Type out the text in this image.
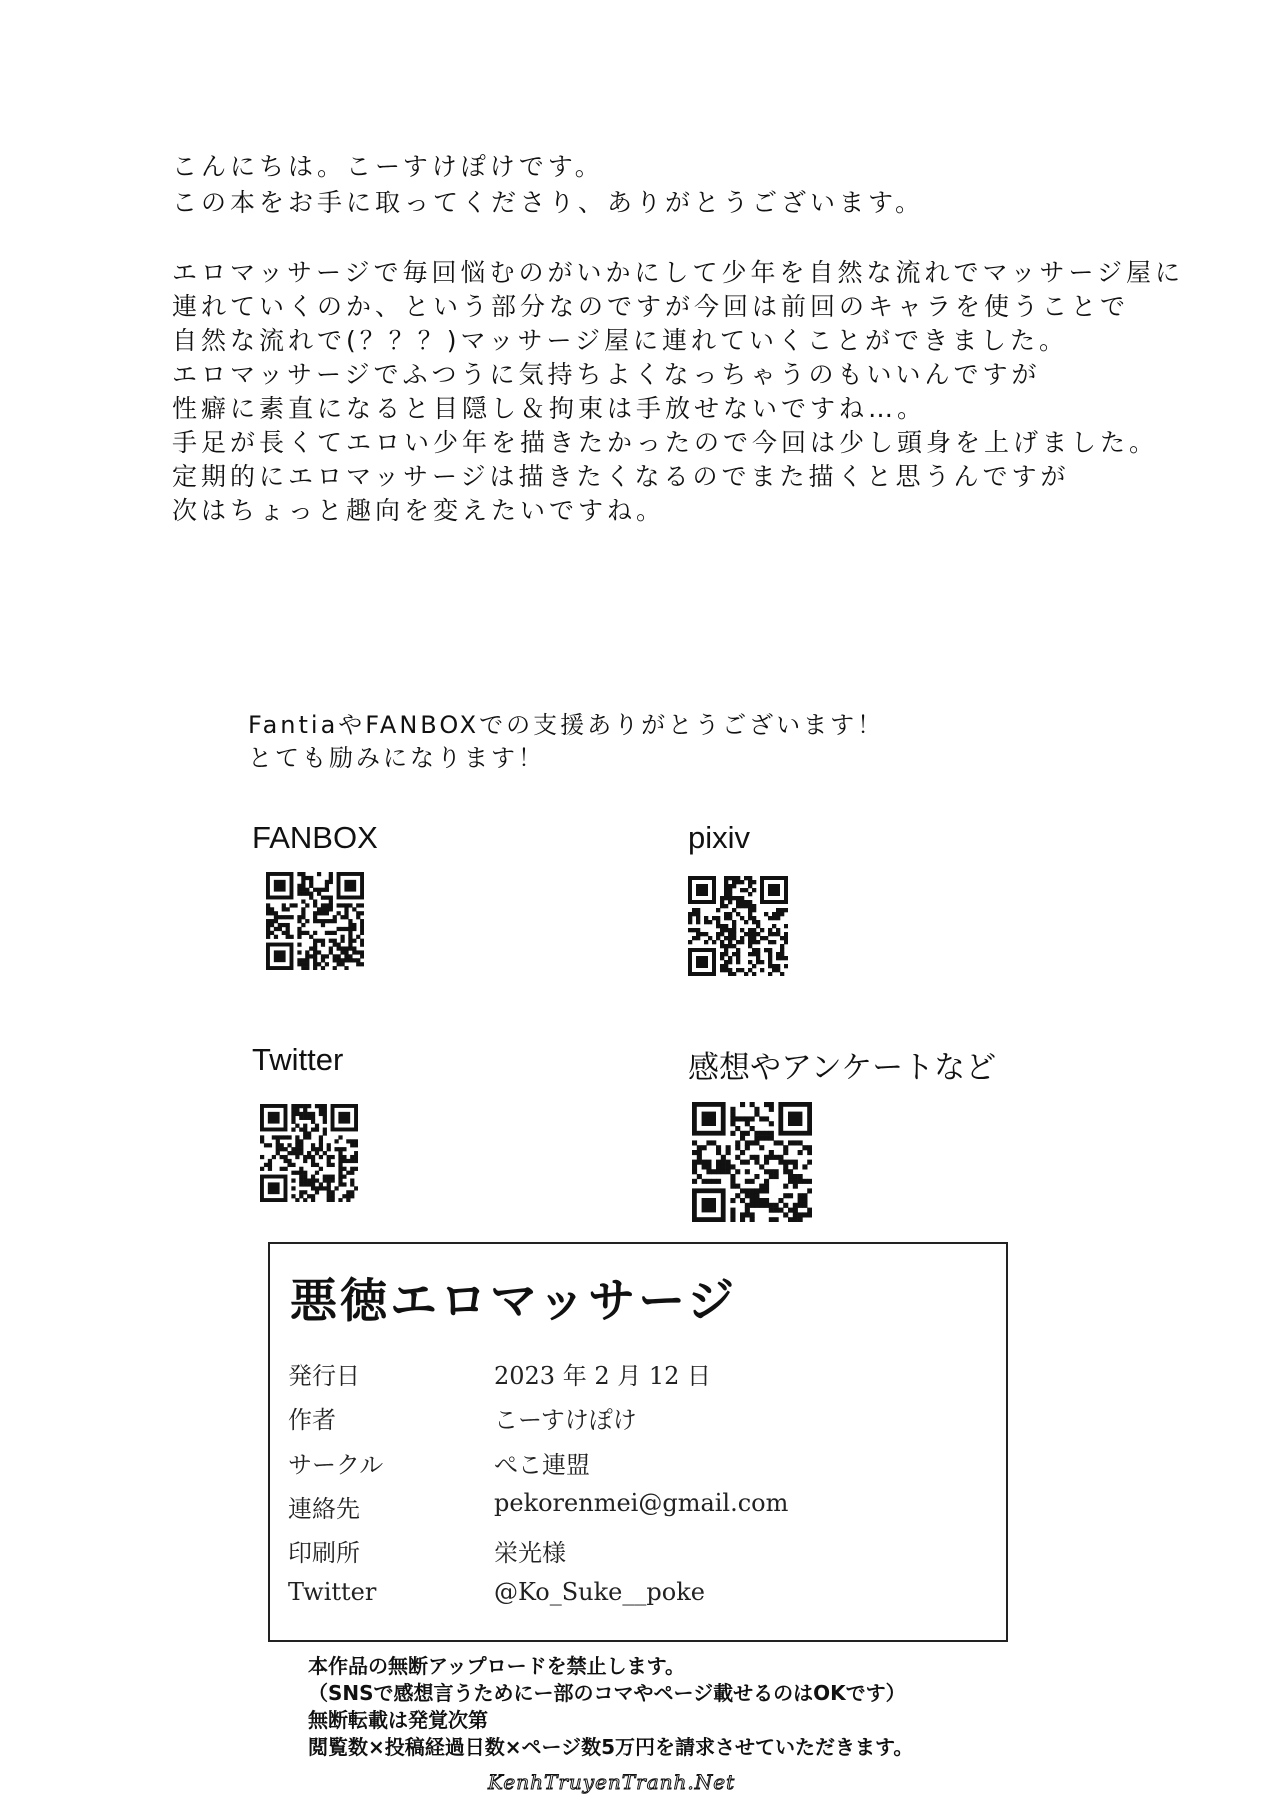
こんにちは。こーすけぽけです。
この本をお手に取ってくださり、ありがとうございます。
エロマッサージで毎回悩むのがいかにして少年を自然な流れでマッサージ屋に
連れていくのか、という部分なのですが今回は前回のキャラを使うことで
自然な流れで(？？？)マッサージ屋に連れていくことができました。
エロマッサージでふつうに気持ちよくなっちゃうのもいいんですが
性癖に素直になると目隠し＆拘束は手放せないですね…。
手足が長くてエロい少年を描きたかったので今回は少し頭身を上げました。
定期的にエロマッサージは描きたくなるのでまた描くと思うんですが
次はちょっと趣向を変えたいですね。
FantiaやFANBOXでの支援ありがとうございます！
とても励みになります！
FANBOX	pixiv
Twitter	感想やアンケートなど
悪徳エロマッサージ
発行日	2023 年 2 月 12 日
作者	こーすけぽけ
サークル	ぺこ連盟
連絡先	pekorenmei@gmail.com
印刷所	栄光様
Twitter	@Ko_Suke__poke
本作品の無断アップロードを禁止します。
（SNSで感想言うためにー部のコマやページ載せるのはOKです）
無断転載は発覚次第
閲覧数×投稿経過日数×ページ数5万円を請求させていただきます。
KenhTruyenTranh.Net
